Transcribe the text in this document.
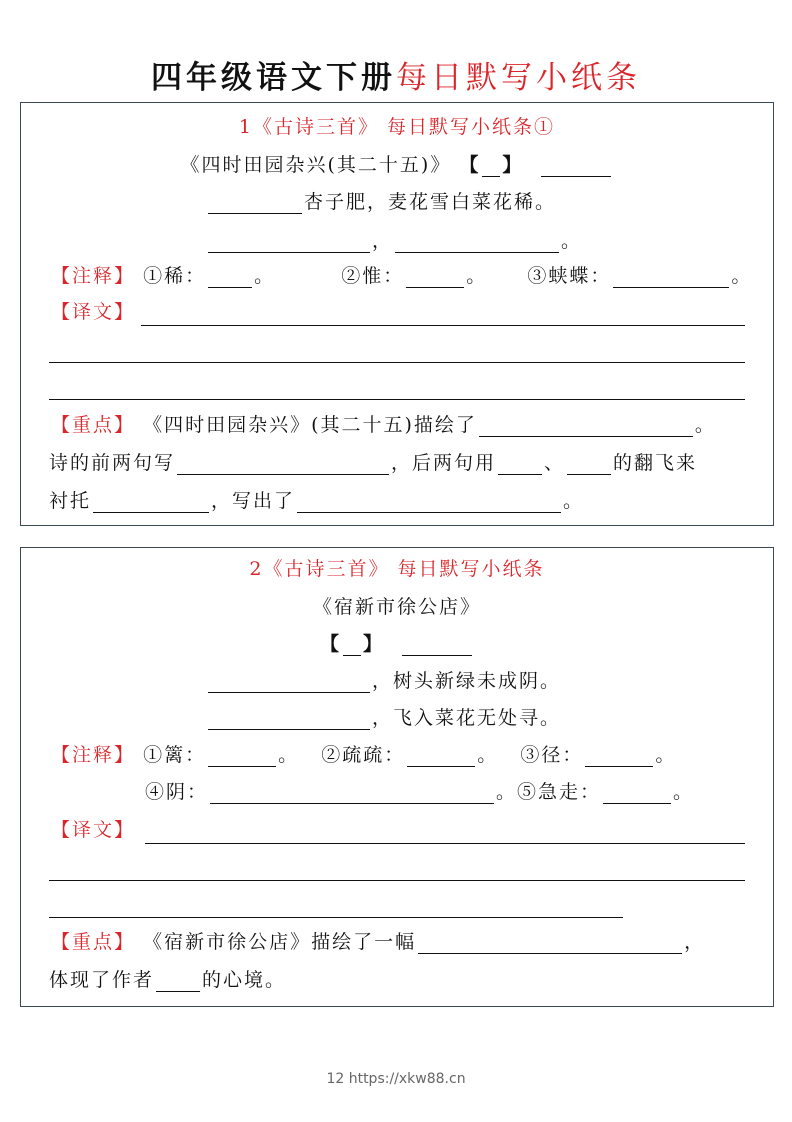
四年级语文下册每日默写小纸条
1《古诗三首》 每日默写小纸条①
《四时田园杂兴(其二十五)》 【 】
杏子肥，麦花雪白菜花稀。
，	。
【注释】 ①稀：	。	②惟：	。 ③蛱蝶：	。
【译文】
【重点】 《四时田园杂兴》(其二十五)描绘了	。
诗的前两句写	，后两句用	、	的翻飞来
衬托	，写出了	。
2《古诗三首》 每日默写小纸条
《宿新市徐公店》
【 】
，树头新绿未成阴。
，飞入菜花无处寻。
【注释】 ①篱：	。 ②疏疏：	。 ③径：	。
④阴：	。⑤急走：	。
【译文】
【重点】 《宿新市徐公店》描绘了一幅	，
体现了作者	的心境。
12 https://xkw88.cn
